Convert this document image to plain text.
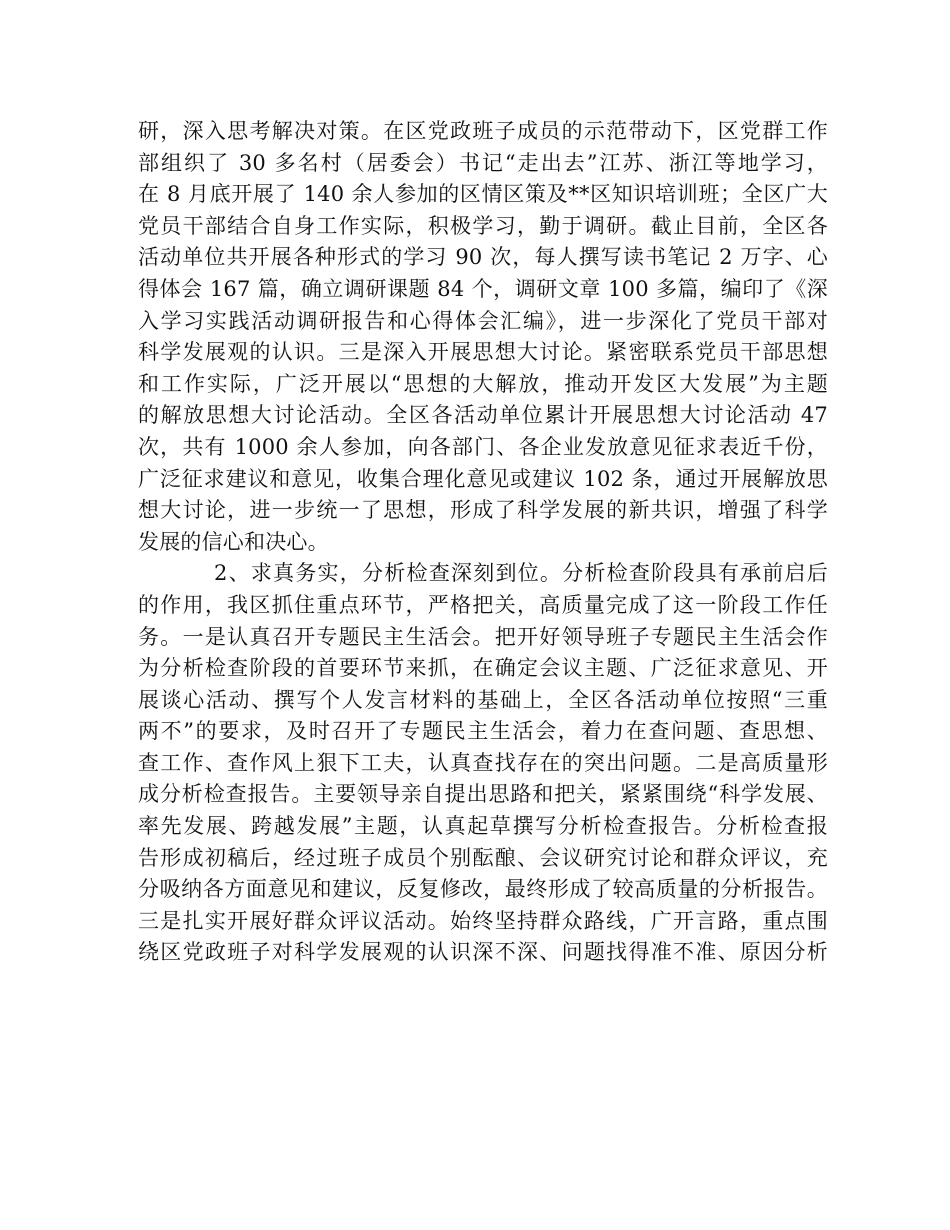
研，深入思考解决对策。在区党政班子成员的示范带动下，区党群工作
部组织了 30 多名村（居委会）书记“走出去”江苏、浙江等地学习，
在 8 月底开展了 140 余人参加的区情区策及**区知识培训班；全区广大
党员干部结合自身工作实际，积极学习，勤于调研。截止目前，全区各
活动单位共开展各种形式的学习 90 次，每人撰写读书笔记 2 万字、心
得体会 167 篇，确立调研课题 84 个，调研文章 100 多篇，编印了《深
入学习实践活动调研报告和心得体会汇编》，进一步深化了党员干部对
科学发展观的认识。三是深入开展思想大讨论。紧密联系党员干部思想
和工作实际，广泛开展以“思想的大解放，推动开发区大发展”为主题
的解放思想大讨论活动。全区各活动单位累计开展思想大讨论活动 47
次，共有 1000 余人参加，向各部门、各企业发放意见征求表近千份，
广泛征求建议和意见，收集合理化意见或建议 102 条，通过开展解放思
想大讨论，进一步统一了思想，形成了科学发展的新共识，增强了科学
发展的信心和决心。
2、求真务实，分析检查深刻到位。分析检查阶段具有承前启后
的作用，我区抓住重点环节，严格把关，高质量完成了这一阶段工作任
务。一是认真召开专题民主生活会。把开好领导班子专题民主生活会作
为分析检查阶段的首要环节来抓，在确定会议主题、广泛征求意见、开
展谈心活动、撰写个人发言材料的基础上，全区各活动单位按照“三重
两不”的要求，及时召开了专题民主生活会，着力在查问题、查思想、
查工作、查作风上狠下工夫，认真查找存在的突出问题。二是高质量形
成分析检查报告。主要领导亲自提出思路和把关，紧紧围绕“科学发展、
率先发展、跨越发展”主题，认真起草撰写分析检查报告。分析检查报
告形成初稿后，经过班子成员个别酝酿、会议研究讨论和群众评议，充
分吸纳各方面意见和建议，反复修改，最终形成了较高质量的分析报告。
三是扎实开展好群众评议活动。始终坚持群众路线，广开言路，重点围
绕区党政班子对科学发展观的认识深不深、问题找得准不准、原因分析
